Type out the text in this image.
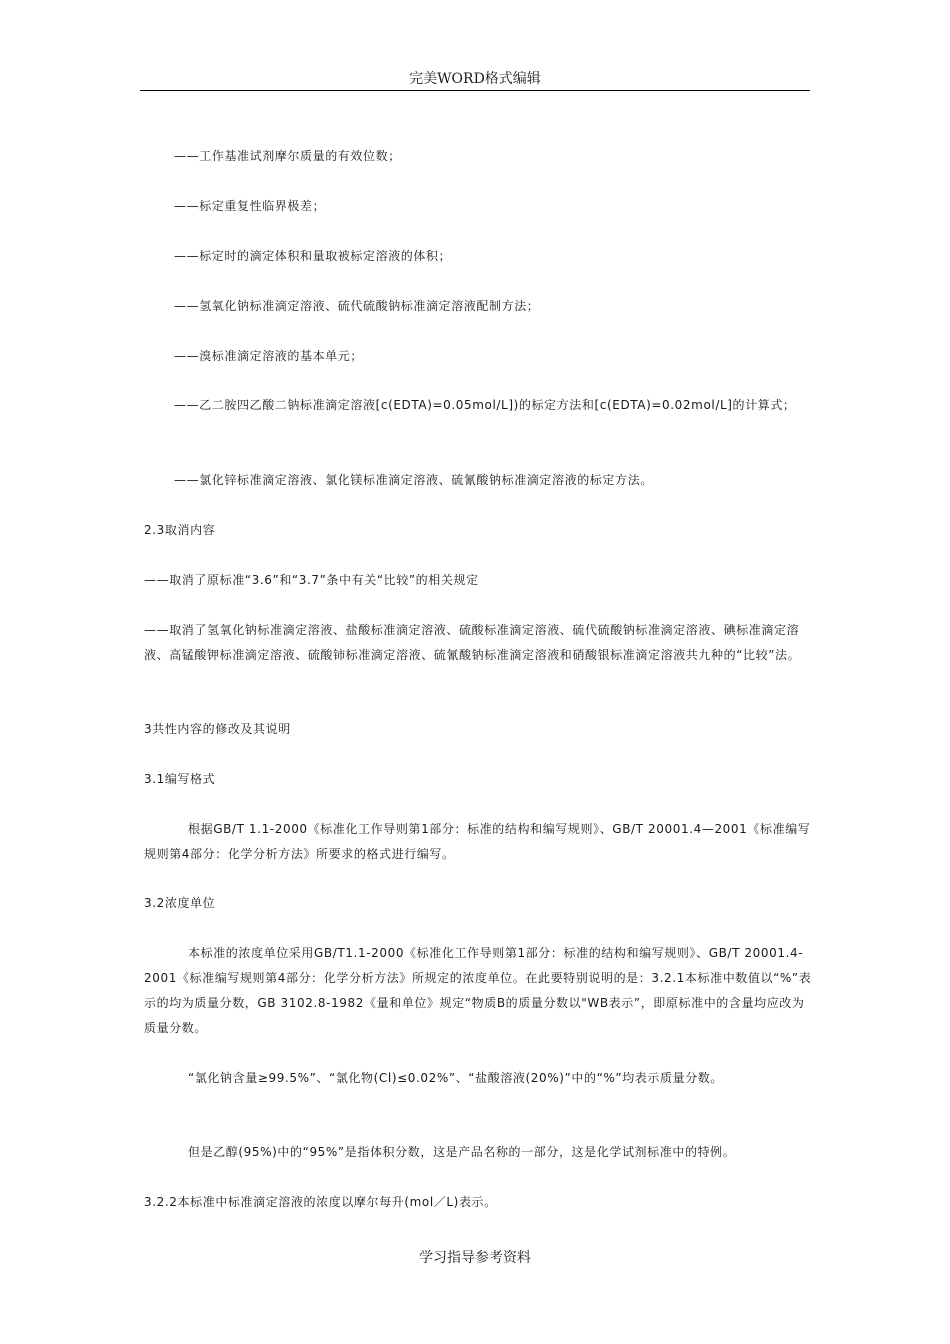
完美WORD格式编辑

——工作基准试剂摩尔质量的有效位数；

——标定重复性临界极差；

——标定时的滴定体积和量取被标定溶液的体积；

——氢氧化钠标准滴定溶液、硫代硫酸钠标准滴定溶液配制方法；

——溴标准滴定溶液的基本单元；

——乙二胺四乙酸二钠标准滴定溶液[c(EDTA)=0.05mol/L])的标定方法和[c(EDTA)=0.02mol/L]的计算式；

——氯化锌标准滴定溶液、氯化镁标准滴定溶液、硫氰酸钠标准滴定溶液的标定方法。

2.3取消内容

——取消了原标准“3.6”和“3.7”条中有关“比较”的相关规定

——取消了氢氧化钠标准滴定溶液、盐酸标准滴定溶液、硫酸标准滴定溶液、硫代硫酸钠标准滴定溶液、碘标准滴定溶液、高锰酸钾标准滴定溶液、硫酸铈标准滴定溶液、硫氰酸钠标准滴定溶液和硝酸银标准滴定溶液共九种的“比较”法。

3共性内容的修改及其说明

3.1编写格式

根据GB/T 1.1-2000《标准化工作导则第1部分：标准的结构和编写规则》、GB/T 20001.4—2001《标准编写规则第4部分：化学分析方法》所要求的格式进行编写。

3.2浓度单位

本标准的浓度单位采用GB/T1.1-2000《标准化工作导则第1部分：标准的结构和编写规则》、GB/T 20001.4-2001《标准编写规则第4部分：化学分析方法》所规定的浓度单位。在此要特别说明的是：3.2.1本标准中数值以“%”表示的均为质量分数，GB 3102.8-1982《量和单位》规定“物质B的质量分数以"WB表示”，即原标准中的含量均应改为质量分数。

“氯化钠含量≥99.5%”、“氯化物(Cl)≤0.02%”、“盐酸溶液(20%)”中的“%”均表示质量分数。

但是乙醇(95%)中的“95%”是指体积分数，这是产品名称的一部分，这是化学试剂标准中的特例。

3.2.2本标准中标准滴定溶液的浓度以摩尔每升(mol／L)表示。

学习指导参考资料
